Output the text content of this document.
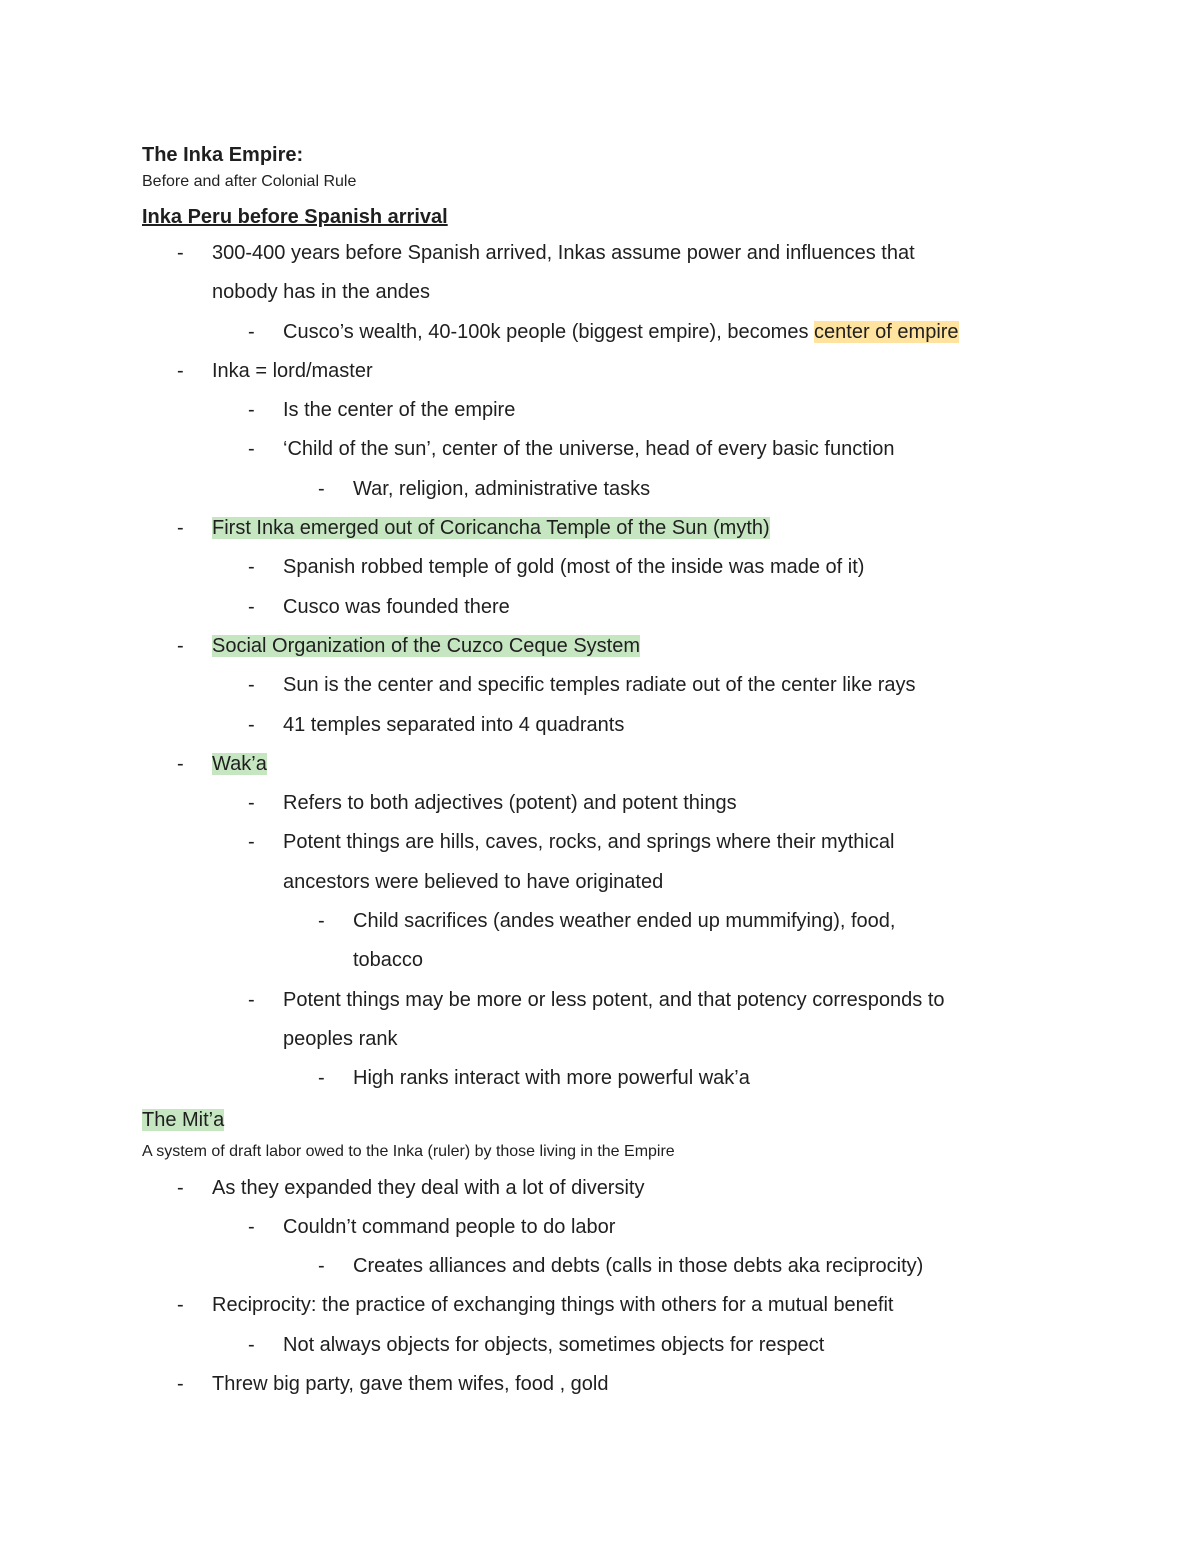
The Inka Empire:

Before and after Colonial Rule

Inka Peru before Spanish arrival

- 300-400 years before Spanish arrived, Inkas assume power and influences that
nobody has in the andes
- Cusco’s wealth, 40-100k people (biggest empire), becomes center of empire
- Inka = lord/master
- Is the center of the empire
- ‘Child of the sun’, center of the universe, head of every basic function
- War, religion, administrative tasks
- First Inka emerged out of Coricancha Temple of the Sun (myth)
- Spanish robbed temple of gold (most of the inside was made of it)
- Cusco was founded there
- Social Organization of the Cuzco Ceque System
- Sun is the center and specific temples radiate out of the center like rays
- 41 temples separated into 4 quadrants
- Wak’a
- Refers to both adjectives (potent) and potent things
- Potent things are hills, caves, rocks, and springs where their mythical
ancestors were believed to have originated
- Child sacrifices (andes weather ended up mummifying), food,
tobacco
- Potent things may be more or less potent, and that potency corresponds to
peoples rank
- High ranks interact with more powerful wak’a

The Mit’a

A system of draft labor owed to the Inka (ruler) by those living in the Empire

- As they expanded they deal with a lot of diversity
- Couldn’t command people to do labor
- Creates alliances and debts (calls in those debts aka reciprocity)
- Reciprocity: the practice of exchanging things with others for a mutual benefit
- Not always objects for objects, sometimes objects for respect
- Threw big party, gave them wifes, food , gold
